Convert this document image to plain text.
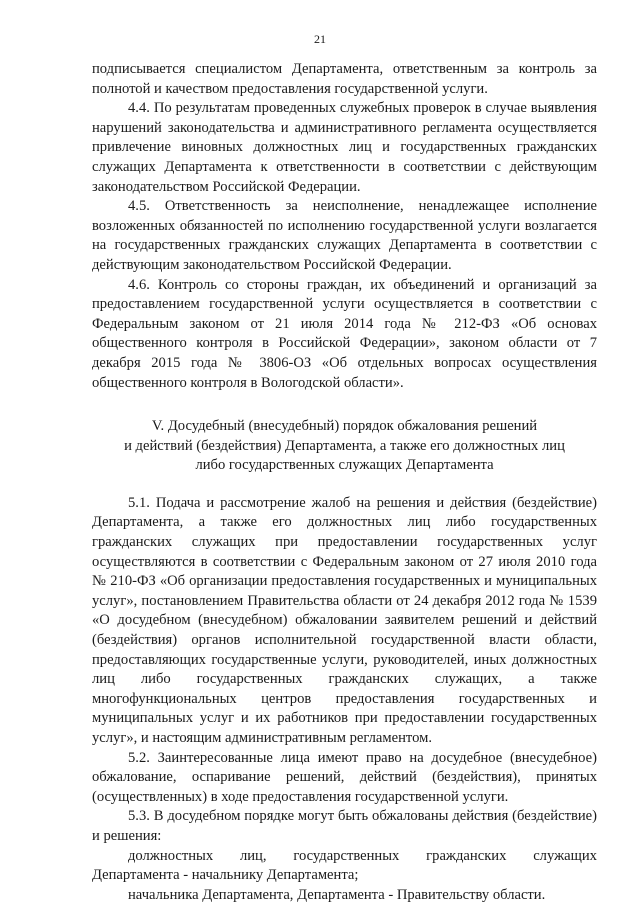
21

подписывается специалистом Департамента, ответственным за контроль за полнотой и качеством предоставления государственной услуги.

4.4. По результатам проведенных служебных проверок в случае выявления нарушений законодательства и административного регламента осуществляется привлечение виновных должностных лиц и государственных гражданских служащих Департамента к ответственности в соответствии с действующим законодательством Российской Федерации.

4.5. Ответственность за неисполнение, ненадлежащее исполнение возложенных обязанностей по исполнению государственной услуги возлагается на государственных гражданских служащих Департамента в соответствии с действующим законодательством Российской Федерации.

4.6. Контроль со стороны граждан, их объединений и организаций за предоставлением государственной услуги осуществляется в соответствии с Федеральным законом от 21 июля 2014 года № 212-ФЗ «Об основах общественного контроля в Российской Федерации», законом области от 7 декабря 2015 года № 3806-ОЗ «Об отдельных вопросах осуществления общественного контроля в Вологодской области».

V. Досудебный (внесудебный) порядок обжалования решений
и действий (бездействия) Департамента, а также его должностных лиц
либо государственных служащих Департамента

5.1. Подача и рассмотрение жалоб на решения и действия (бездействие) Департамента, а также его должностных лиц либо государственных гражданских служащих при предоставлении государственных услуг осуществляются в соответствии с Федеральным законом от 27 июля 2010 года № 210-ФЗ «Об организации предоставления государственных и муниципальных услуг», постановлением Правительства области от 24 декабря 2012 года № 1539 «О досудебном (внесудебном) обжаловании заявителем решений и действий (бездействия) органов исполнительной государственной власти области, предоставляющих государственные услуги, руководителей, иных должностных лиц либо государственных гражданских служащих, а также многофункциональных центров предоставления государственных и муниципальных услуг и их работников при предоставлении государственных услуг», и настоящим административным регламентом.

5.2. Заинтересованные лица имеют право на досудебное (внесудебное) обжалование, оспаривание решений, действий (бездействия), принятых (осуществленных) в ходе предоставления государственной услуги.

5.3. В досудебном порядке могут быть обжалованы действия (бездействие) и решения:

должностных лиц, государственных гражданских служащих

Департамента - начальнику Департамента;

начальника Департамента, Департамента - Правительству области.
